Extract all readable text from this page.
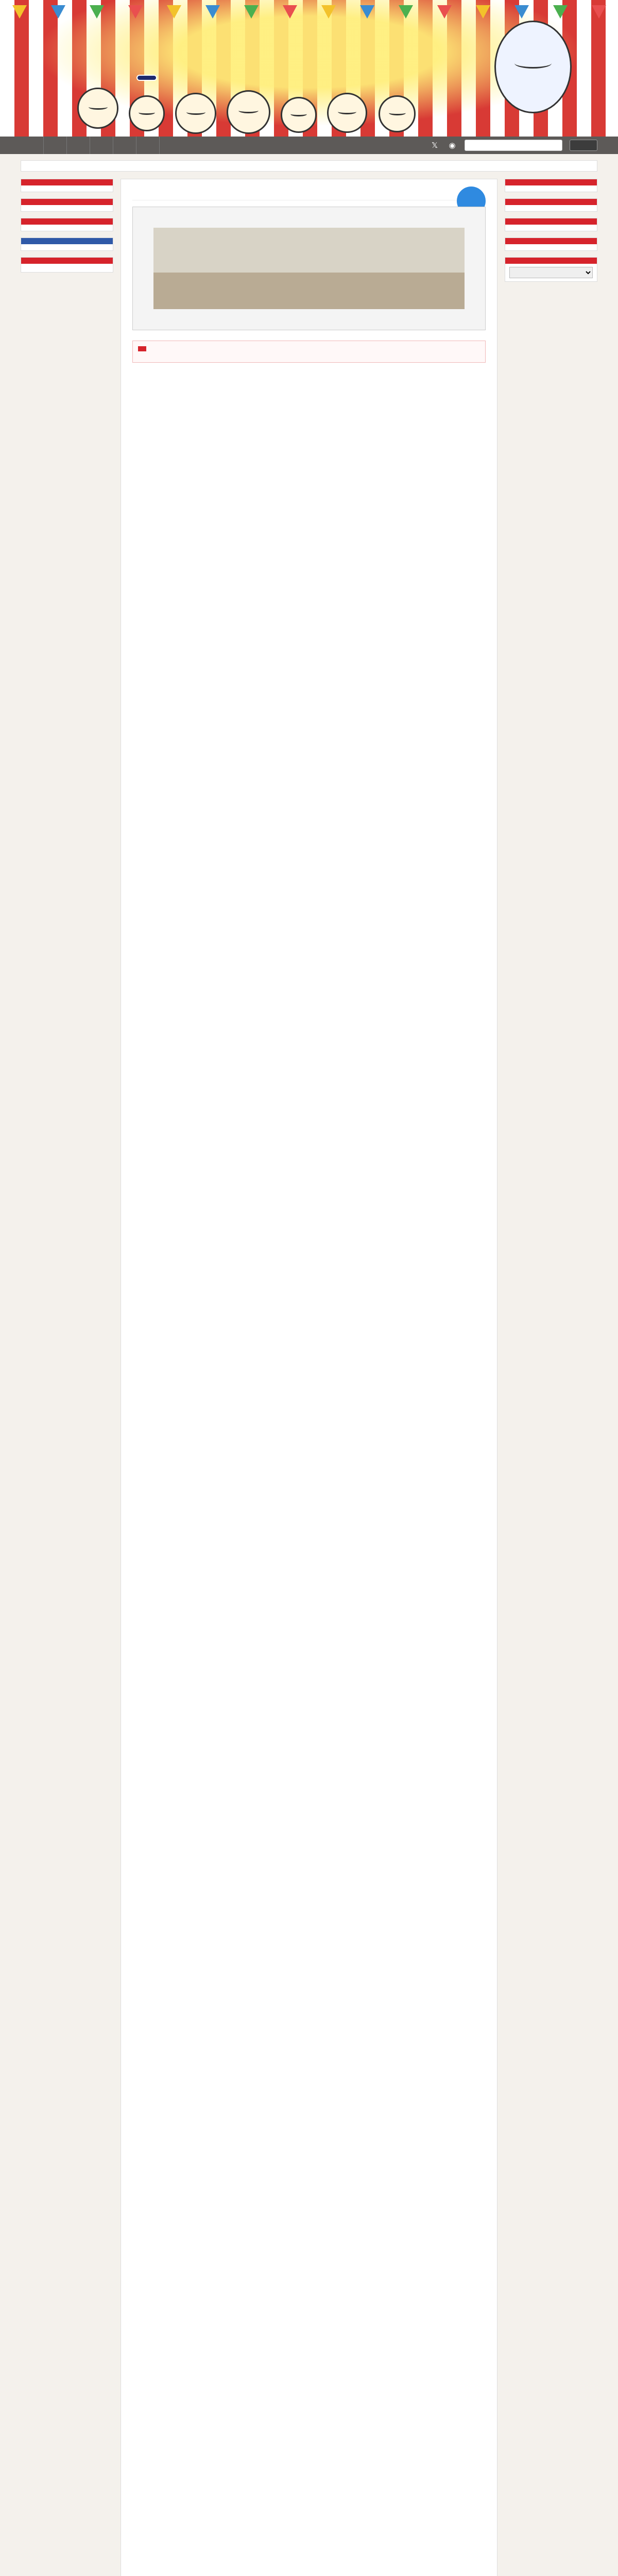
𝕏 ◉
